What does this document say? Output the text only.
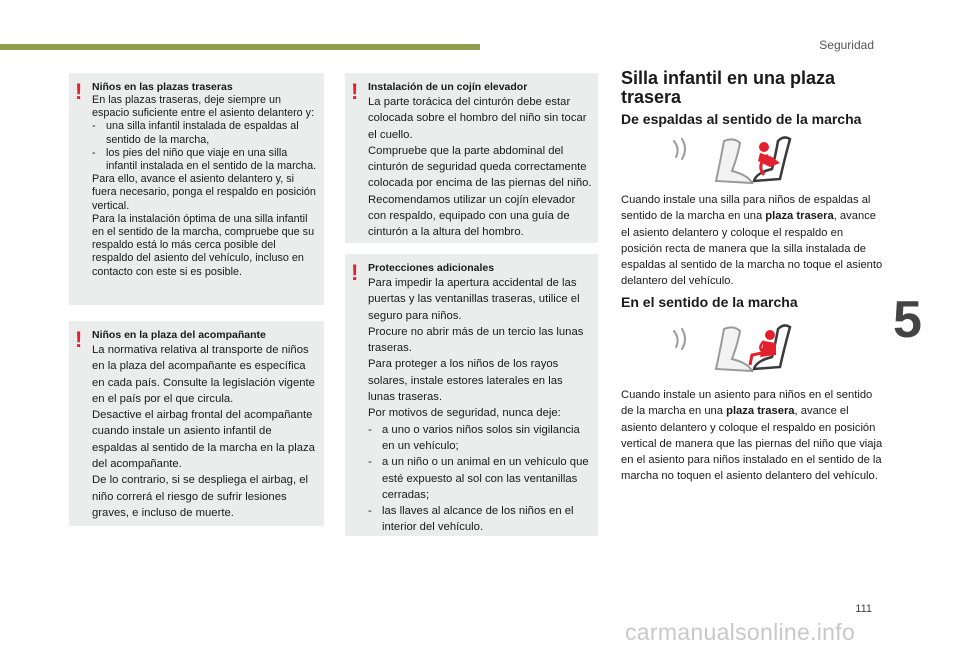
Seguridad
5
111
carmanualsonline.info
! Niños en las plazas traseras

En las plazas traseras, deje siempre un espacio suficiente entre el asiento delantero y:

- una silla infantil instalada de espaldas al sentido de la marcha,
- los pies del niño que viaje en una silla infantil instalada en el sentido de la marcha.

Para ello, avance el asiento delantero y, si fuera necesario, ponga el respaldo en posición vertical.

Para la instalación óptima de una silla infantil en el sentido de la marcha, compruebe que su respaldo está lo más cerca posible del respaldo del asiento del vehículo, incluso en contacto con este si es posible.

! Niños en la plaza del acompañante

La normativa relativa al transporte de niños en la plaza del acompañante es específica en cada país. Consulte la legislación vigente en el país por el que circula.

Desactive el airbag frontal del acompañante cuando instale un asiento infantil de espaldas al sentido de la marcha en la plaza del acompañante.

De lo contrario, si se despliega el airbag, el niño correrá el riesgo de sufrir lesiones graves, e incluso de muerte.

! Instalación de un cojín elevador

La parte torácica del cinturón debe estar colocada sobre el hombro del niño sin tocar el cuello.

Compruebe que la parte abdominal del cinturón de seguridad queda correctamente colocada por encima de las piernas del niño.

Recomendamos utilizar un cojín elevador con respaldo, equipado con una guía de cinturón a la altura del hombro.

! Protecciones adicionales

Para impedir la apertura accidental de las puertas y las ventanillas traseras, utilice el seguro para niños.

Procure no abrir más de un tercio las lunas traseras.

Para proteger a los niños de los rayos solares, instale estores laterales en las lunas traseras.

Por motivos de seguridad, nunca deje:

- a uno o varios niños solos sin vigilancia en un vehículo;
- a un niño o un animal en un vehículo que esté expuesto al sol con las ventanillas cerradas;
- las llaves al alcance de los niños en el interior del vehículo.
Silla infantil en una plaza trasera
De espaldas al sentido de la marcha
Cuando instale una silla para niños de espaldas al sentido de la marcha en una plaza trasera, avance el asiento delantero y coloque el respaldo en posición recta de manera que la silla instalada de espaldas al sentido de la marcha no toque el asiento delantero del vehículo.
En el sentido de la marcha
Cuando instale un asiento para niños en el sentido de la marcha en una plaza trasera, avance el asiento delantero y coloque el respaldo en posición vertical de manera que las piernas del niño que viaja en el asiento para niños instalado en el sentido de la marcha no toquen el asiento delantero del vehículo.
